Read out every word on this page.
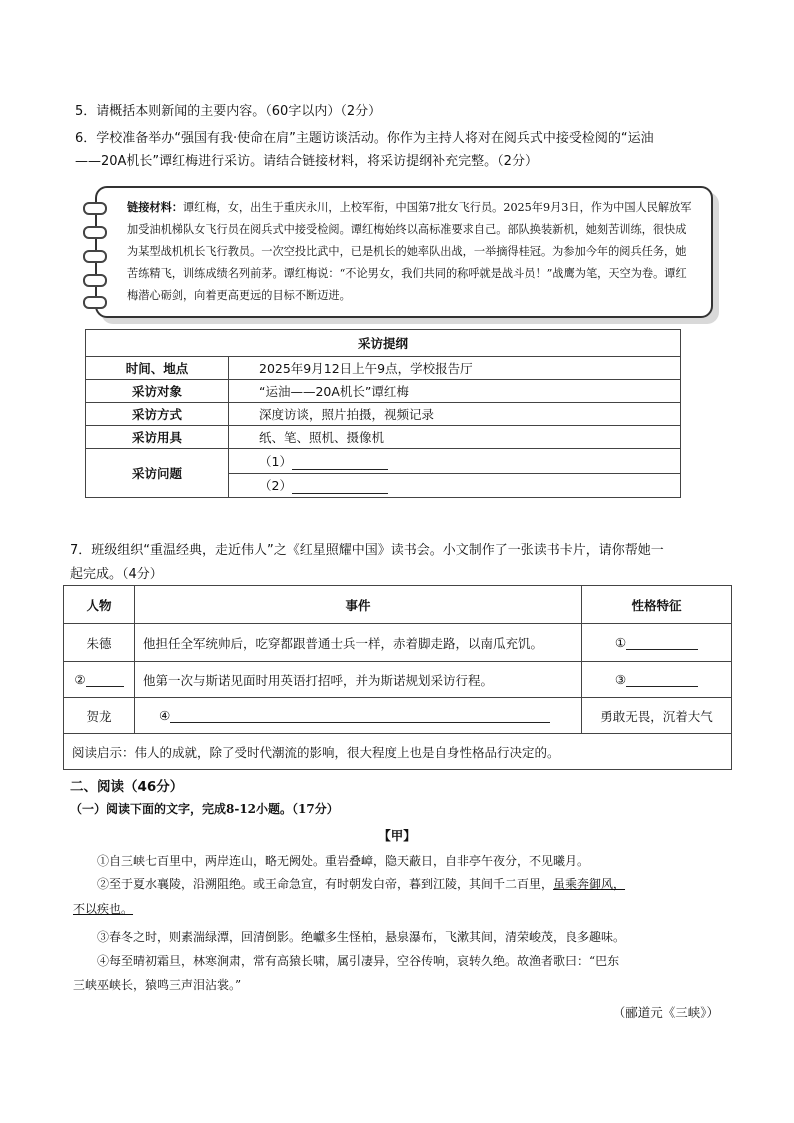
5．请概括本则新闻的主要内容。（60字以内）（2分）
6．学校准备举办“强国有我·使命在肩”主题访谈活动。你作为主持人将对在阅兵式中接受检阅的“运油
——20A机长”谭红梅进行采访。请结合链接材料，将采访提纲补充完整。（2分）
链接材料：谭红梅，女，出生于重庆永川，上校军衔，中国第7批女飞行员。2025年9月3日，作为中国人民解放军加受油机梯队女飞行员在阅兵式中接受检阅。谭红梅始终以高标准要求自己。部队换装新机，她刻苦训练，很快成为某型战机机长飞行教员。一次空投比武中，已是机长的她率队出战，一举摘得桂冠。为参加今年的阅兵任务，她苦练精飞，训练成绩名列前茅。谭红梅说：“不论男女，我们共同的称呼就是战斗员！”战鹰为笔，天空为卷。谭红梅潜心砺剑，向着更高更远的目标不断迈进。
采访提纲	
时间、地点	2025年9月12日上午9点，学校报告厅
采访对象	“运油——20A机长”谭红梅
采访方式	深度访谈，照片拍摄，视频记录
采访用具	纸、笔、照机、摄像机
采访问题	（1）
	（2）
7．班级组织“重温经典，走近伟人”之《红星照耀中国》读书会。小文制作了一张读书卡片，请你帮她一
起完成。（4分）
人物	事件	性格特征
朱德	他担任全军统帅后，吃穿都跟普通士兵一样，赤着脚走路，以南瓜充饥。	①
②	他第一次与斯诺见面时用英语打招呼，并为斯诺规划采访行程。	③
贺龙	④	勇敢无畏，沉着大气
阅读启示：伟人的成就，除了受时代潮流的影响，很大程度上也是自身性格品行决定的。		
二、阅读（46分）
（一）阅读下面的文字，完成8-12小题。（17分）
【甲】
①自三峡七百里中，两岸连山，略无阙处。重岩叠嶂，隐天蔽日，自非亭午夜分，不见曦月。
②至于夏水襄陵，沿溯阻绝。或王命急宣，有时朝发白帝，暮到江陵，其间千二百里，虽乘奔御风，
不以疾也。
③春冬之时，则素湍绿潭，回清倒影。绝巘多生怪柏，悬泉瀑布，飞漱其间，清荣峻茂，良多趣味。
④每至晴初霜旦，林寒涧肃，常有高猿长啸，属引凄异，空谷传响，哀转久绝。故渔者歌曰：“巴东
三峡巫峡长，猿鸣三声泪沾裳。”
（郦道元《三峡》）
